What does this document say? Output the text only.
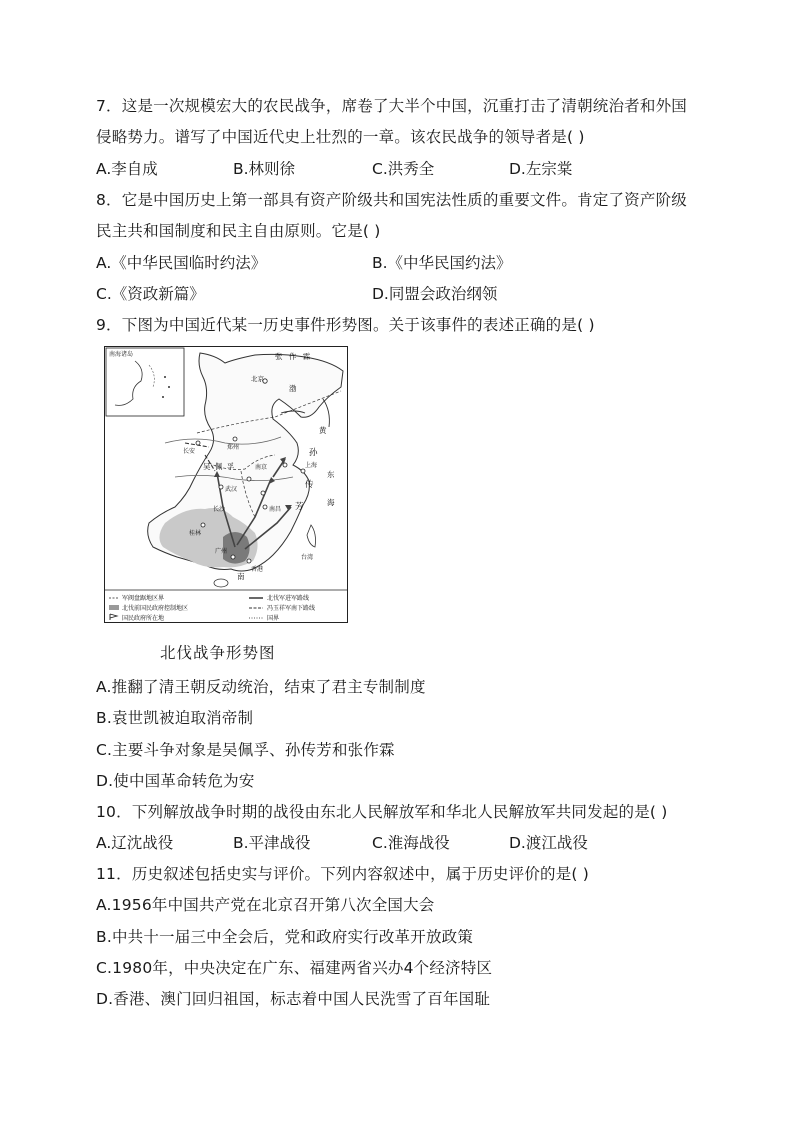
7．这是一次规模宏大的农民战争，席卷了大半个中国，沉重打击了清朝统治者和外国
侵略势力。谱写了中国近代史上壮烈的一章。该农民战争的领导者是( )
A.李自成	B.林则徐	C.洪秀全	D.左宗棠
8．它是中国历史上第一部具有资产阶级共和国宪法性质的重要文件。肯定了资产阶级
民主共和国制度和民主自由原则。它是( )
A.《中华民国临时约法》	B.《中华民国约法》
C.《资政新篇》	D.同盟会政治纲领
9．下图为中国近代某一历史事件形势图。关于该事件的表述正确的是( )
南海诸岛	张 作 霖
北京
吴 佩 孚
孙
传
芳
渤
黄
东
海
台湾
南
南京
武汉
长沙	南昌
广州
桂林
上海
香港
长安
郑州
军阀盘踞地区界
北伐前国民政府控制地区
国民政府所在地
北伐军进军路线
冯玉祥军南下路线
国界
北伐战争形势图
A.推翻了清王朝反动统治，结束了君主专制制度
B.袁世凯被迫取消帝制
C.主要斗争对象是吴佩孚、孙传芳和张作霖
D.使中国革命转危为安
10．下列解放战争时期的战役由东北人民解放军和华北人民解放军共同发起的是( )
A.辽沈战役	B.平津战役	C.淮海战役	D.渡江战役
11．历史叙述包括史实与评价。下列内容叙述中，属于历史评价的是( )
A.1956年中国共产党在北京召开第八次全国大会
B.中共十一届三中全会后，党和政府实行改革开放政策
C.1980年，中央决定在广东、福建两省兴办4个经济特区
D.香港、澳门回归祖国，标志着中国人民洗雪了百年国耻
